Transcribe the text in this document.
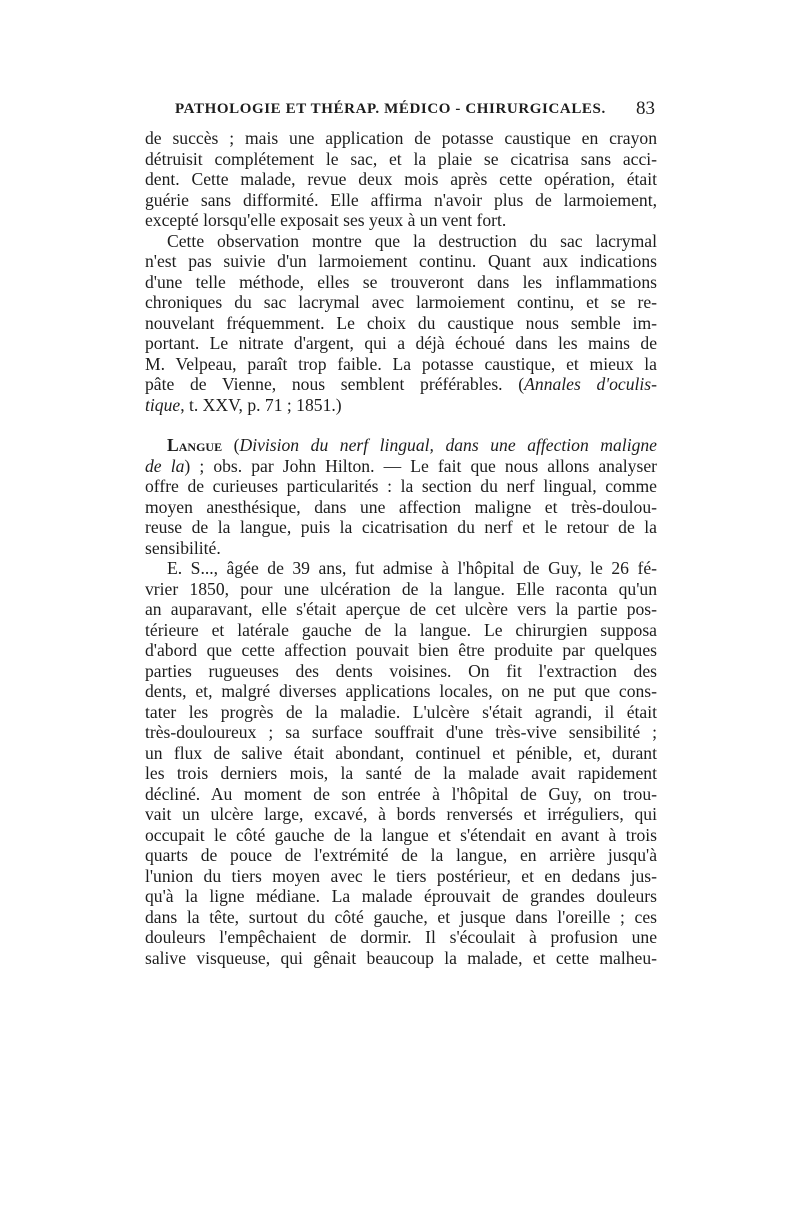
PATHOLOGIE ET THÉRAP. MÉDICO - CHIRURGICALES. 83
de succès ; mais une application de potasse caustique en crayon
détruisit complétement le sac, et la plaie se cicatrisa sans acci-
dent. Cette malade, revue deux mois après cette opération, était
guérie sans difformité. Elle affirma n'avoir plus de larmoiement,
excepté lorsqu'elle exposait ses yeux à un vent fort.
Cette observation montre que la destruction du sac lacrymal
n'est pas suivie d'un larmoiement continu. Quant aux indications
d'une telle méthode, elles se trouveront dans les inflammations
chroniques du sac lacrymal avec larmoiement continu, et se re-
nouvelant fréquemment. Le choix du caustique nous semble im-
portant. Le nitrate d'argent, qui a déjà échoué dans les mains de
M. Velpeau, paraît trop faible. La potasse caustique, et mieux la
pâte de Vienne, nous semblent préférables. (Annales d'oculis-
tique, t. XXV, p. 71 ; 1851.)
Langue (Division du nerf lingual, dans une affection maligne
de la) ; obs. par John Hilton. — Le fait que nous allons analyser
offre de curieuses particularités : la section du nerf lingual, comme
moyen anesthésique, dans une affection maligne et très-doulou-
reuse de la langue, puis la cicatrisation du nerf et le retour de la
sensibilité.
E. S..., âgée de 39 ans, fut admise à l'hôpital de Guy, le 26 fé-
vrier 1850, pour une ulcération de la langue. Elle raconta qu'un
an auparavant, elle s'était aperçue de cet ulcère vers la partie pos-
térieure et latérale gauche de la langue. Le chirurgien supposa
d'abord que cette affection pouvait bien être produite par quelques
parties rugueuses des dents voisines. On fit l'extraction des
dents, et, malgré diverses applications locales, on ne put que cons-
tater les progrès de la maladie. L'ulcère s'était agrandi, il était
très-douloureux ; sa surface souffrait d'une très-vive sensibilité ;
un flux de salive était abondant, continuel et pénible, et, durant
les trois derniers mois, la santé de la malade avait rapidement
décliné. Au moment de son entrée à l'hôpital de Guy, on trou-
vait un ulcère large, excavé, à bords renversés et irréguliers, qui
occupait le côté gauche de la langue et s'étendait en avant à trois
quarts de pouce de l'extrémité de la langue, en arrière jusqu'à
l'union du tiers moyen avec le tiers postérieur, et en dedans jus-
qu'à la ligne médiane. La malade éprouvait de grandes douleurs
dans la tête, surtout du côté gauche, et jusque dans l'oreille ; ces
douleurs l'empêchaient de dormir. Il s'écoulait à profusion une
salive visqueuse, qui gênait beaucoup la malade, et cette malheu-
